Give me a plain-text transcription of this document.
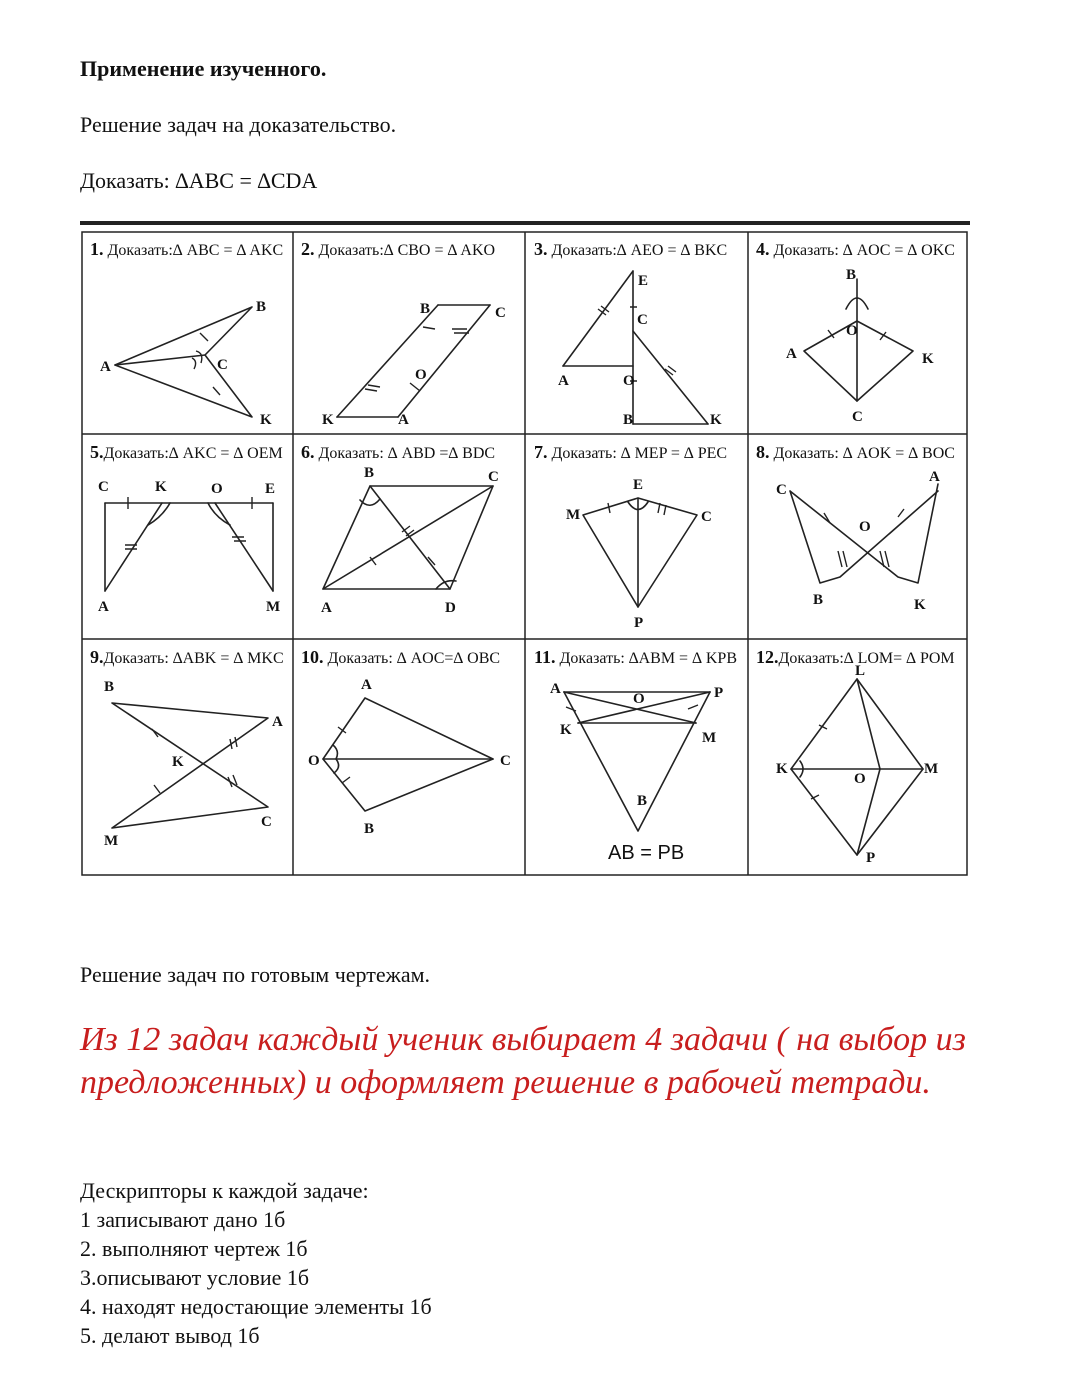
Применение изученного.
Решение задач на доказательство.
Доказать: ∆ABC = ∆CDA
1. Доказать:∆ ABC = ∆ AKC
A
B
C
K
2. Доказать:∆ CBO = ∆ AKO
B	C
O
K	A
3. Доказать:∆ AEO = ∆ BKC
E
C
A	O
B	K
4. Доказать: ∆ AOC = ∆ OKC
B
O
A	K
C
5.Доказать:∆ AKC = ∆ OEM
C	K	O	E
A	M
6. Доказать: ∆ ABD =∆ BDC
B	C
A	D
7. Доказать: ∆ MEP = ∆ PEC
E
M	C
P
8. Доказать: ∆ AOK = ∆ BOC
C
A
O
B	K
9.Доказать: ∆ABK = ∆ MKC
B
A
K
M
C
10. Доказать: ∆ AOC=∆ OBC
A
O	C
B
11. Доказать: ∆ABM = ∆ KPB
A
O	P
K	M
B
AB = PB
12.Доказать:∆ LOM= ∆ POM
L
K
O
M
P
Решение задач по готовым чертежам.
Из 12 задач каждый ученик выбирает 4 задачи ( на выбор из предложенных) и оформляет решение в рабочей тетради.
Дескрипторы к каждой задаче:
1 записывают дано 1б
2. выполняют чертеж 1б
3.описывают условие 1б
4. находят недостающие элементы 1б
5. делают вывод 1б
